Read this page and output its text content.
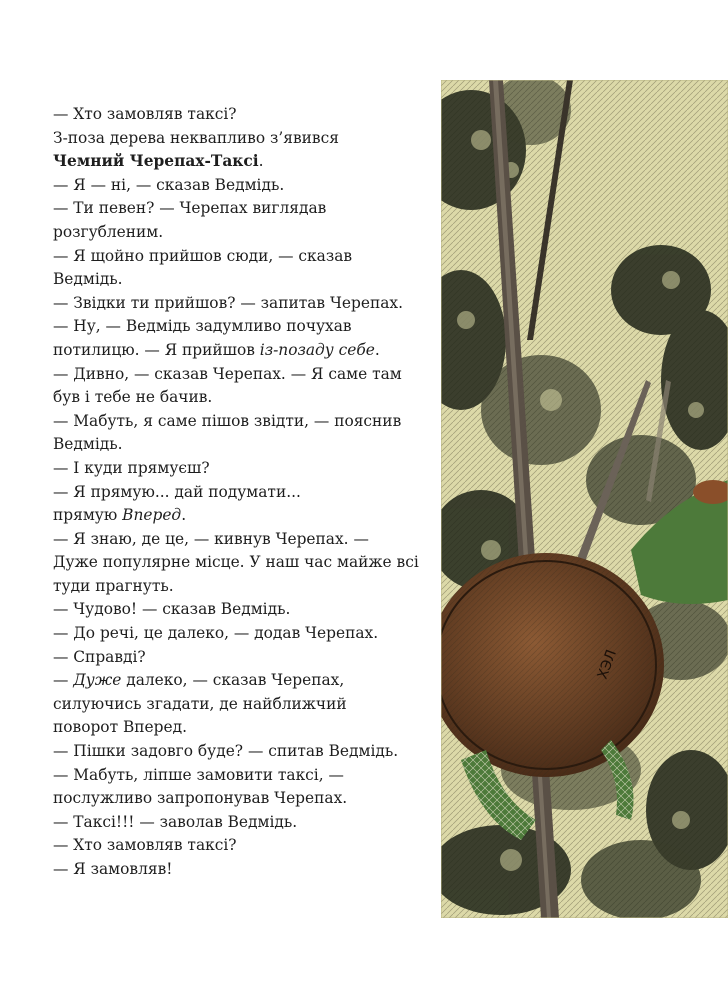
— Хто замовляв таксі?
З-поза дерева неквапливо з’явився
Чемний Черепах-Таксі.
— Я — ні, — сказав Ведмідь.
— Ти певен? — Черепах виглядав
розгубленим.
— Я щойно прийшов сюди, — сказав
Ведмідь.
— Звідки ти прийшов? — запитав Черепах.
— Ну, — Ведмідь задумливо почухав
потилицю. — Я прийшов із-позаду себе.
— Дивно, — сказав Черепах. — Я саме там
був і тебе не бачив.
— Мабуть, я саме пішов звідти, — пояснив
Ведмідь.
— І куди прямуєш?
— Я прямую... дай подумати...
прямую Вперед.
— Я знаю, де це, — кивнув Черепах. —
Дуже популярне місце. У наш час майже всі
туди прагнуть.
— Чудово! — сказав Ведмідь.
— До речі, це далеко, — додав Черепах.
— Справді?
— Дуже далеко, — сказав Черепах,
силуючись згадати, де найближчий
поворот Вперед.
— Пішки задовго буде? — спитав Ведмідь.
— Мабуть, ліпше замовити таксі, —
послужливо запропонував Черепах.
— Таксі!!! — заволав Ведмідь.
— Хто замовляв таксі?
— Я замовляв!
ХЭЛ
